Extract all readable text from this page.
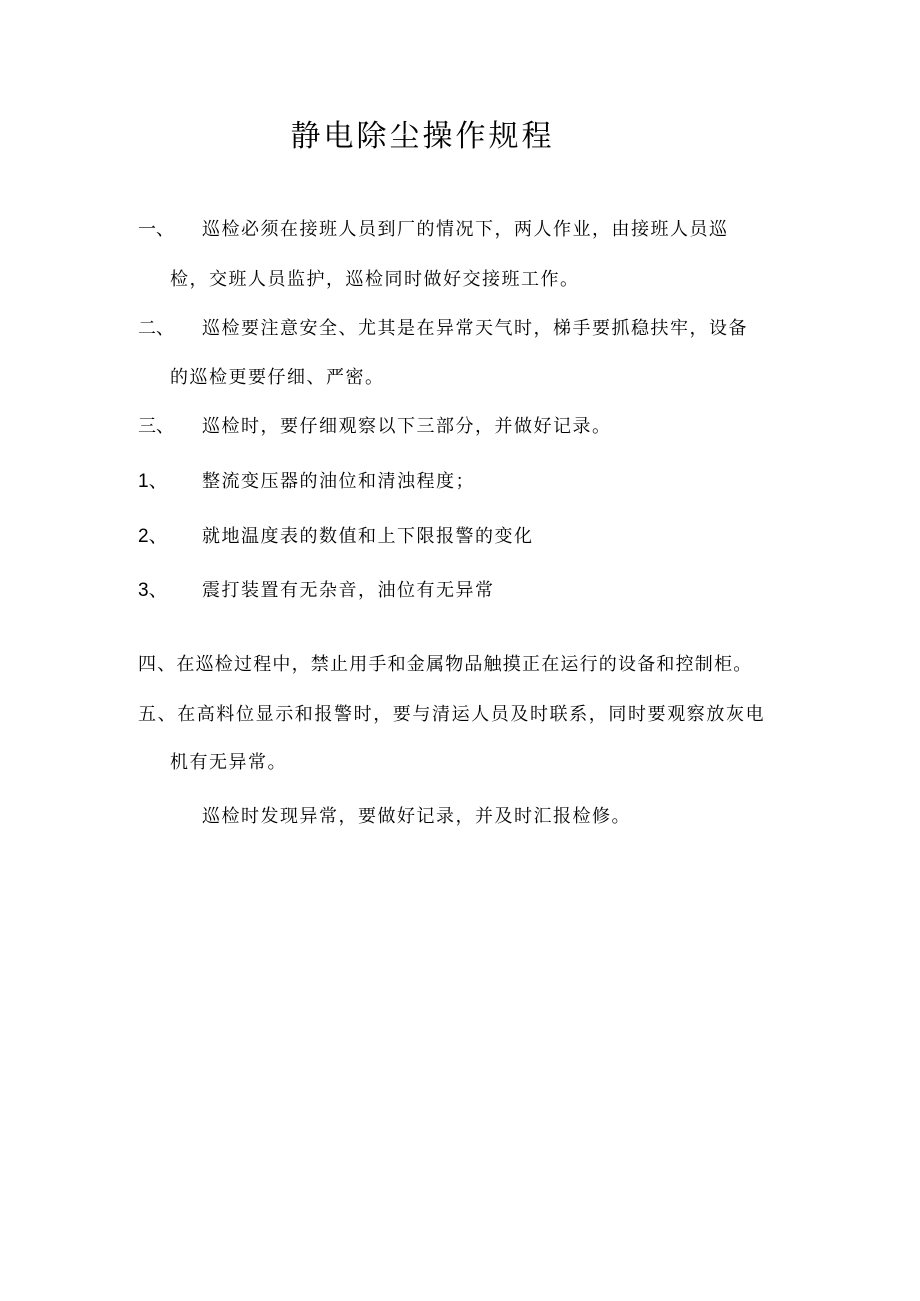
静电除尘操作规程
一、 巡检必须在接班人员到厂的情况下，两人作业，由接班人员巡
检，交班人员监护，巡检同时做好交接班工作。
二、 巡检要注意安全、尤其是在异常天气时，梯手要抓稳扶牢，设备
的巡检更要仔细、严密。
三、 巡检时，要仔细观察以下三部分，并做好记录。
1、 整流变压器的油位和清浊程度；
2、 就地温度表的数值和上下限报警的变化
3、 震打装置有无杂音，油位有无异常
四、在巡检过程中，禁止用手和金属物品触摸正在运行的设备和控制柜。
五、在高料位显示和报警时，要与清运人员及时联系，同时要观察放灰电
机有无异常。
巡检时发现异常，要做好记录，并及时汇报检修。
